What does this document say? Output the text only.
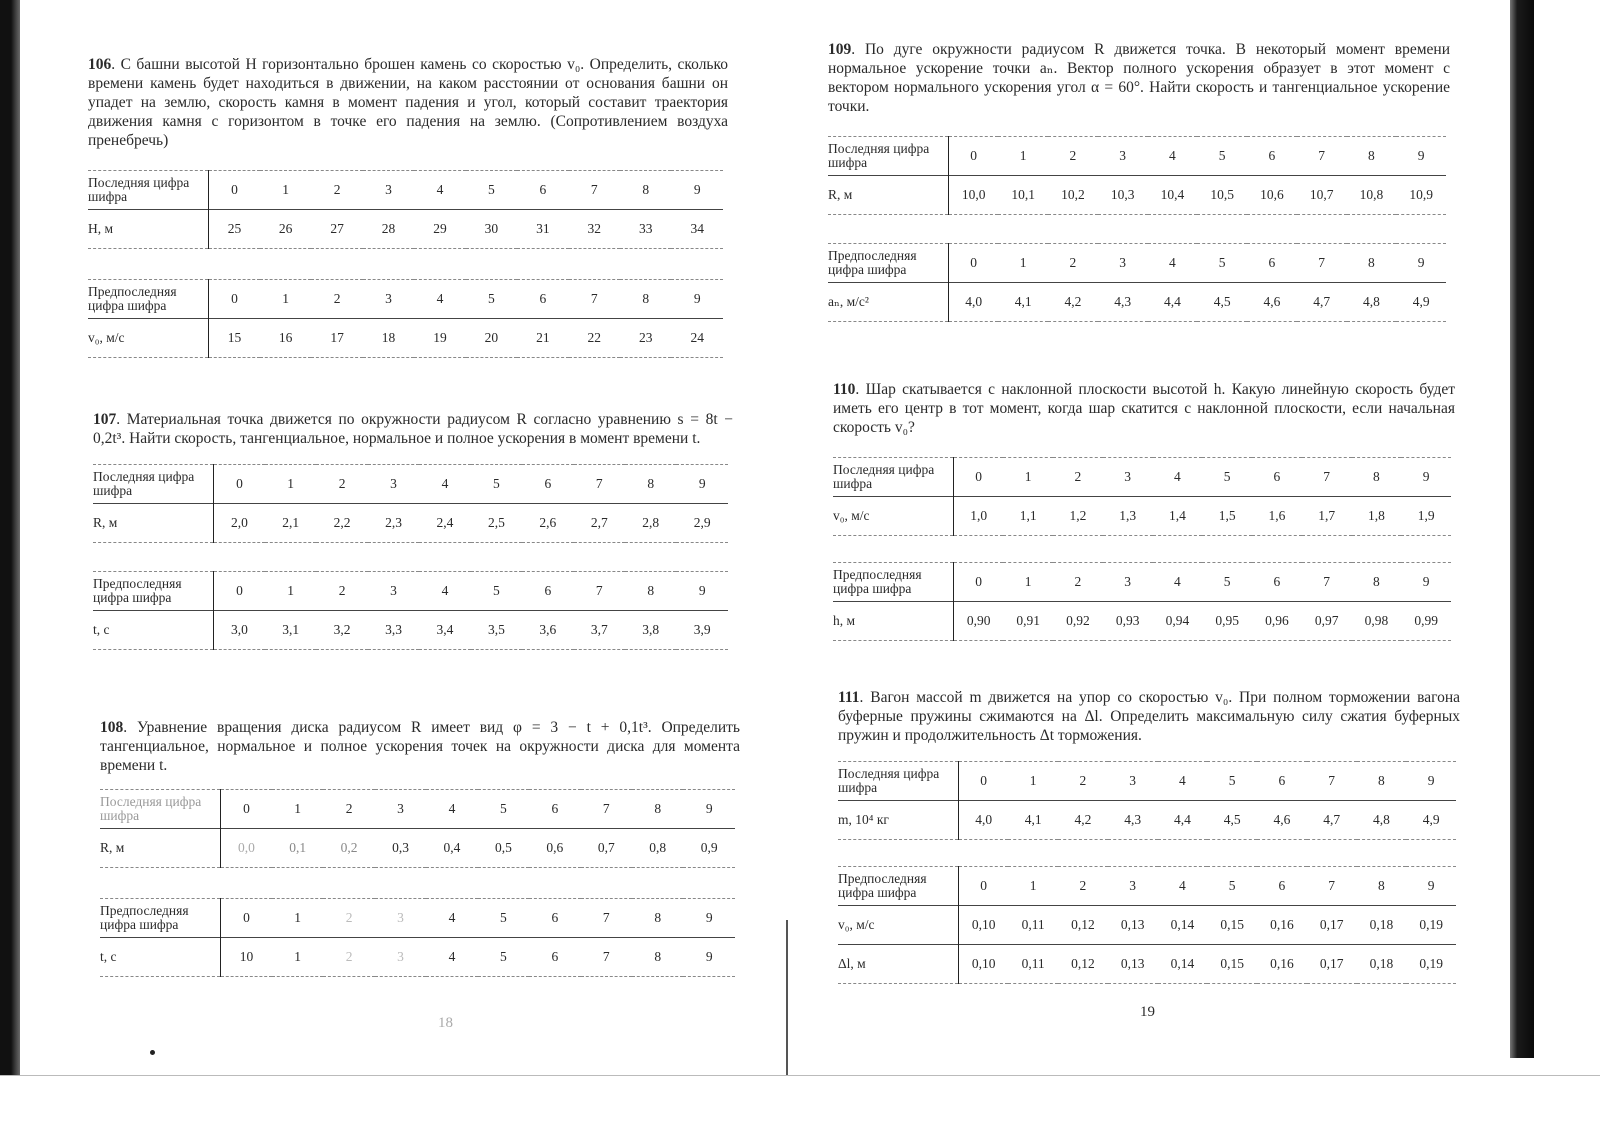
18
19

106. С башни высотой Н горизонтально брошен камень со скоростью v₀. Определить, сколько времени камень будет находиться в движении, на каком расстоянии от основания башни он упадет на землю, скорость камня в момент падения и угол, который составит траектория движения камня с горизонтом в точке его падения на землю. (Сопротивлением воздуха пренебречь)

Последняя цифра шифра	0	1	2	3	4	5	6	7	8	9
Н, м	25	26	27	28	29	30	31	32	33	34
Предпоследняя цифра шифра	0	1	2	3	4	5	6	7	8	9
v₀, м/с	15	16	17	18	19	20	21	22	23	24

107. Материальная точка движется по окружности радиусом R согласно уравнению s = 8t − 0,2t³. Найти скорость, тангенциальное, нормальное и полное ускорения в момент времени t.

Последняя цифра шифра	0	1	2	3	4	5	6	7	8	9
R, м	2,0	2,1	2,2	2,3	2,4	2,5	2,6	2,7	2,8	2,9
Предпоследняя цифра шифра	0	1	2	3	4	5	6	7	8	9
t, с	3,0	3,1	3,2	3,3	3,4	3,5	3,6	3,7	3,8	3,9

108. Уравнение вращения диска радиусом R имеет вид φ = 3 − t + 0,1t³. Определить тангенциальное, нормальное и полное ускорения точек на окружности диска для момента времени t.

Последняя цифра шифра	0	1	2	3	4	5	6	7	8	9
R, м	0,0	0,1	0,2	0,3	0,4	0,5	0,6	0,7	0,8	0,9
Предпоследняя цифра шифра	0	1	2	3	4	5	6	7	8	9
t, с	10	1	2	3	4	5	6	7	8	9

109. По дуге окружности радиусом R движется точка. В некоторый момент времени нормальное ускорение точки aₙ. Вектор полного ускорения образует в этот момент с вектором нормального ускорения угол α = 60°. Найти скорость и тангенциальное ускорение точки.

Последняя цифра шифра	0	1	2	3	4	5	6	7	8	9
R, м	10,0	10,1	10,2	10,3	10,4	10,5	10,6	10,7	10,8	10,9
Предпоследняя цифра шифра	0	1	2	3	4	5	6	7	8	9
aₙ, м/с²	4,0	4,1	4,2	4,3	4,4	4,5	4,6	4,7	4,8	4,9

110. Шар скатывается с наклонной плоскости высотой h. Какую линейную скорость будет иметь его центр в тот момент, когда шар скатится с наклонной плоскости, если начальная скорость v₀?

Последняя цифра шифра	0	1	2	3	4	5	6	7	8	9
v₀, м/с	1,0	1,1	1,2	1,3	1,4	1,5	1,6	1,7	1,8	1,9
Предпоследняя цифра шифра	0	1	2	3	4	5	6	7	8	9
h, м	0,90	0,91	0,92	0,93	0,94	0,95	0,96	0,97	0,98	0,99

111. Вагон массой m движется на упор со скоростью v₀. При полном торможении вагона буферные пружины сжимаются на Δl. Определить максимальную силу сжатия буферных пружин и продолжительность Δt торможения.

Последняя цифра шифра	0	1	2	3	4	5	6	7	8	9
m, 10⁴ кг	4,0	4,1	4,2	4,3	4,4	4,5	4,6	4,7	4,8	4,9
Предпоследняя цифра шифра	0	1	2	3	4	5	6	7	8	9
v₀, м/с	0,10	0,11	0,12	0,13	0,14	0,15	0,16	0,17	0,18	0,19
Δl, м	0,10	0,11	0,12	0,13	0,14	0,15	0,16	0,17	0,18	0,19
